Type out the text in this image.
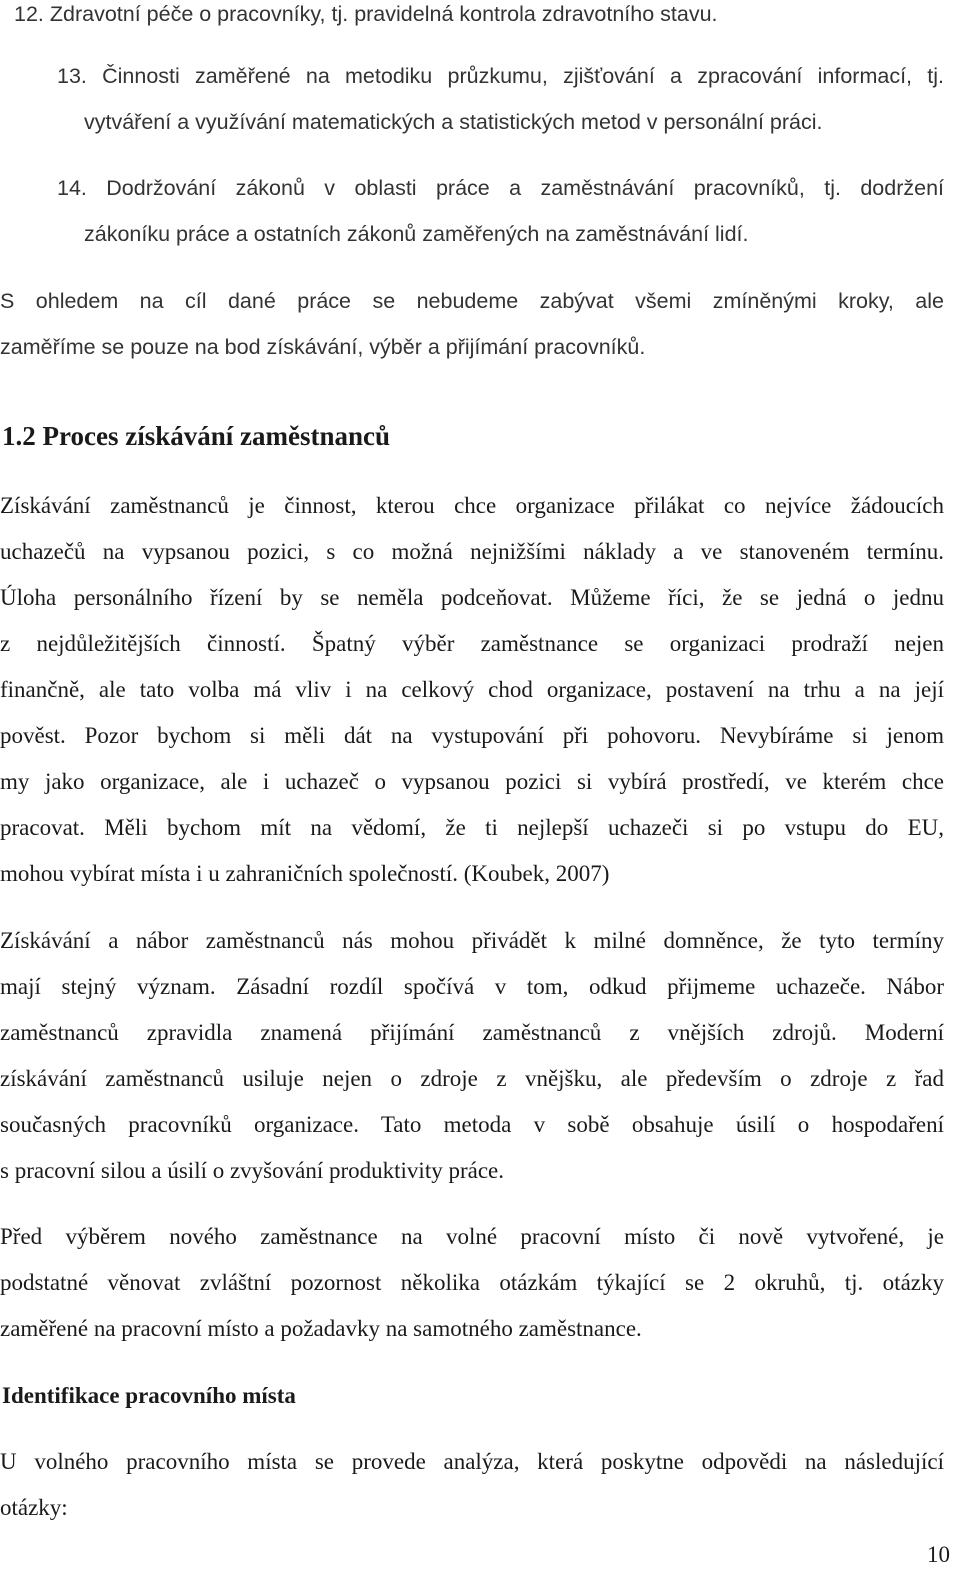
12. Zdravotní péče o pracovníky, tj. pravidelná kontrola zdravotního stavu.
13. Činnosti zaměřené na metodiku průzkumu, zjišťování a zpracování informací, tj.
vytváření a využívání matematických a statistických metod v personální práci.
14. Dodržování zákonů v oblasti práce a zaměstnávání pracovníků, tj. dodržení
zákoníku práce a ostatních zákonů zaměřených na zaměstnávání lidí.
S ohledem na cíl dané práce se nebudeme zabývat všemi zmíněnými kroky, ale
zaměříme se pouze na bod získávání, výběr a přijímání pracovníků.
1.2 Proces získávání zaměstnanců
Získávání zaměstnanců je činnost, kterou chce organizace přilákat co nejvíce žádoucích
uchazečů na vypsanou pozici, s co možná nejnižšími náklady a ve stanoveném termínu.
Úloha personálního řízení by se neměla podceňovat. Můžeme říci, že se jedná o jednu
z nejdůležitějších činností. Špatný výběr zaměstnance se organizaci prodraží nejen
finančně, ale tato volba má vliv i na celkový chod organizace, postavení na trhu a na její
pověst. Pozor bychom si měli dát na vystupování při pohovoru. Nevybíráme si jenom
my jako organizace, ale i uchazeč o vypsanou pozici si vybírá prostředí, ve kterém chce
pracovat. Měli bychom mít na vědomí, že ti nejlepší uchazeči si po vstupu do EU,
mohou vybírat místa i u zahraničních společností. (Koubek, 2007)
Získávání a nábor zaměstnanců nás mohou přivádět k milné domněnce, že tyto termíny
mají stejný význam. Zásadní rozdíl spočívá v tom, odkud přijmeme uchazeče. Nábor
zaměstnanců zpravidla znamená přijímání zaměstnanců z vnějších zdrojů. Moderní
získávání zaměstnanců usiluje nejen o zdroje z vnějšku, ale především o zdroje z řad
současných pracovníků organizace. Tato metoda v sobě obsahuje úsilí o hospodaření
s pracovní silou a úsilí o zvyšování produktivity práce.
Před výběrem nového zaměstnance na volné pracovní místo či nově vytvořené, je
podstatné věnovat zvláštní pozornost několika otázkám týkající se 2 okruhů, tj. otázky
zaměřené na pracovní místo a požadavky na samotného zaměstnance.
Identifikace pracovního místa
U volného pracovního místa se provede analýza, která poskytne odpovědi na následující
otázky:
10
